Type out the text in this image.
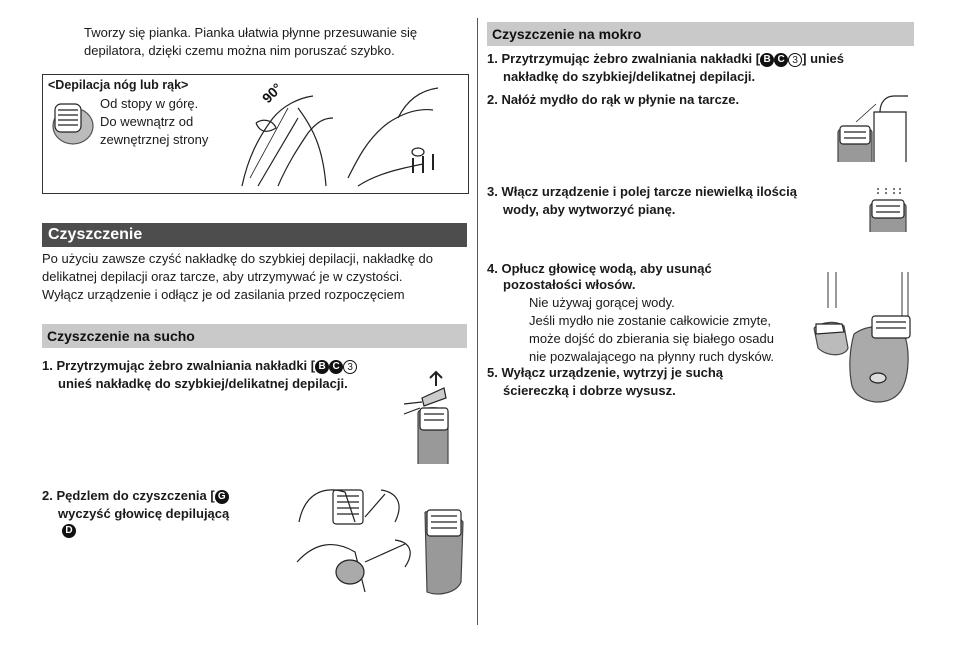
Tworzy się pianka. Pianka ułatwia płynne przesuwanie się
depilatora, dzięki czemu można nim poruszać szybko.
<Depilacja nóg lub rąk>
Od stopy w górę.
Do wewnątrz od
zewnętrznej strony
90°
Czyszczenie
Po użyciu zawsze czyść nakładkę do szybkiej depilacji, nakładkę do
delikatnej depilacji oraz tarcze, aby utrzymywać je w czystości.
Wyłącz urządzenie i odłącz je od zasilania przed rozpoczęciem
Czyszczenie na sucho
1. Przytrzymując żebro zwalniania nakładki [ B C 3
unieś nakładkę do szybkiej/delikatnej depilacji.
2. Pędzlem do czyszczenia [ G
wyczyść głowicę depilującą
D
Czyszczenie na mokro
1. Przytrzymując żebro zwalniania nakładki [ B C 3 ] unieś
nakładkę do szybkiej/delikatnej depilacji.
2. Nałóż mydło do rąk w płynie na tarcze.
3. Włącz urządzenie i polej tarcze niewielką ilością
wody, aby wytworzyć pianę.
4. Opłucz głowicę wodą, aby usunąć
pozostałości włosów.
Nie używaj gorącej wody.
Jeśli mydło nie zostanie całkowicie zmyte,
może dojść do zbierania się białego osadu
nie pozwalającego na płynny ruch dysków.
5. Wyłącz urządzenie, wytrzyj je suchą
ściereczką i dobrze wysusz.
